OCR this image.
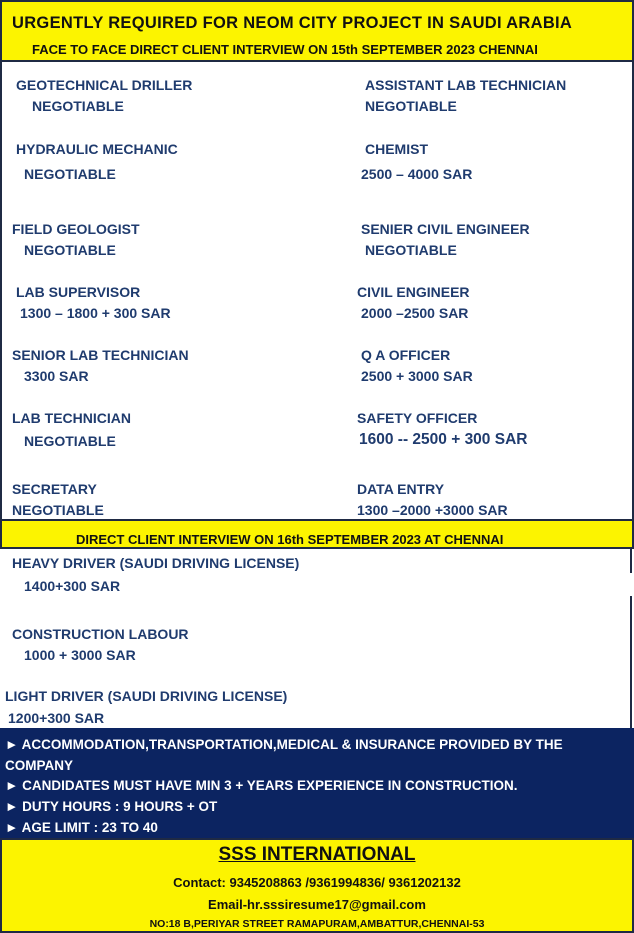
URGENTLY REQUIRED FOR NEOM CITY PROJECT IN SAUDI ARABIA
FACE TO FACE DIRECT CLIENT INTERVIEW ON 15th SEPTEMBER 2023 CHENNAI
GEOTECHNICAL DRILLER
NEGOTIABLE
HYDRAULIC MECHANIC
NEGOTIABLE
FIELD GEOLOGIST
NEGOTIABLE
LAB SUPERVISOR
1300 – 1800 + 300 SAR
SENIOR LAB TECHNICIAN
3300 SAR
LAB TECHNICIAN
NEGOTIABLE
SECRETARY
NEGOTIABLE
ASSISTANT LAB TECHNICIAN
NEGOTIABLE
CHEMIST
2500 – 4000 SAR
SENIER CIVIL ENGINEER
NEGOTIABLE
CIVIL ENGINEER
2000 –2500 SAR
Q A OFFICER
2500 + 3000 SAR
SAFETY OFFICER
1600 -- 2500 + 300 SAR
DATA ENTRY
1300 –2000 +3000 SAR
DIRECT CLIENT INTERVIEW ON 16th SEPTEMBER 2023 AT CHENNAI
HEAVY DRIVER (SAUDI DRIVING LICENSE)
1400+300 SAR
CONSTRUCTION LABOUR
1000 + 3000 SAR
LIGHT DRIVER (SAUDI DRIVING LICENSE)
1200+300 SAR
► ACCOMMODATION,TRANSPORTATION,MEDICAL & INSURANCE PROVIDED BY THE
COMPANY
► CANDIDATES MUST HAVE MIN 3 + YEARS EXPERIENCE IN CONSTRUCTION.
► DUTY HOURS : 9 HOURS + OT
► AGE LIMIT : 23 TO 40
SSS INTERNATIONAL
Contact: 9345208863 /9361994836/ 9361202132
Email-hr.sssiresume17@gmail.com
NO:18 B,PERIYAR STREET RAMAPURAM,AMBATTUR,CHENNAI-53
